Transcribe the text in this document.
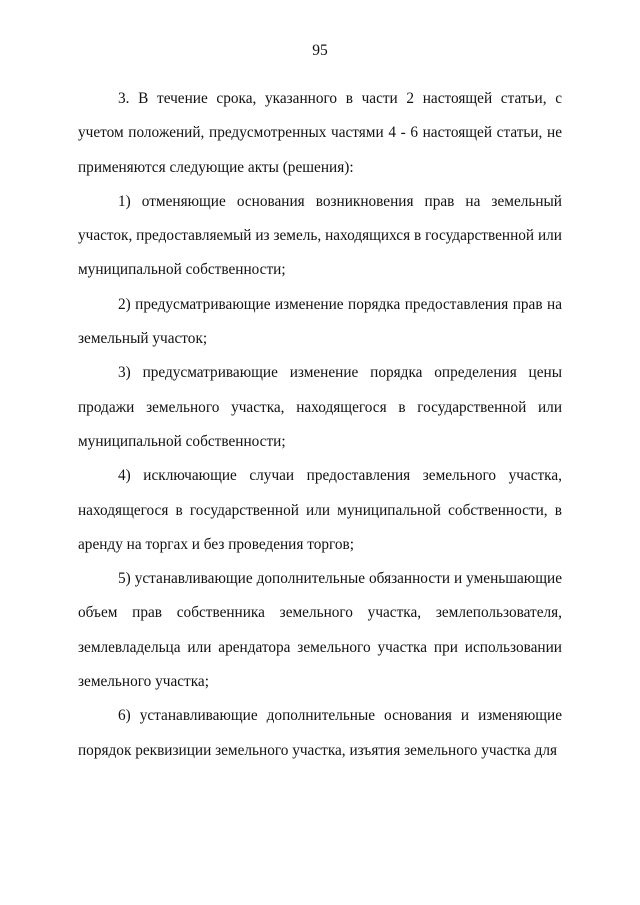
95

3. В течение срока, указанного в части 2 настоящей статьи, с учетом положений, предусмотренных частями 4 - 6 настоящей статьи, не применяются следующие акты (решения):

1) отменяющие основания возникновения прав на земельный участок, предоставляемый из земель, находящихся в государственной или муниципальной собственности;

2) предусматривающие изменение порядка предоставления прав на земельный участок;

3) предусматривающие изменение порядка определения цены продажи земельного участка, находящегося в государственной или муниципальной собственности;

4) исключающие случаи предоставления земельного участка, находящегося в государственной или муниципальной собственности, в аренду на торгах и без проведения торгов;

5) устанавливающие дополнительные обязанности и уменьшающие объем прав собственника земельного участка, землепользователя, землевладельца или арендатора земельного участка при использовании земельного участка;

6) устанавливающие дополнительные основания и изменяющие порядок реквизиции земельного участка, изъятия земельного участка для
